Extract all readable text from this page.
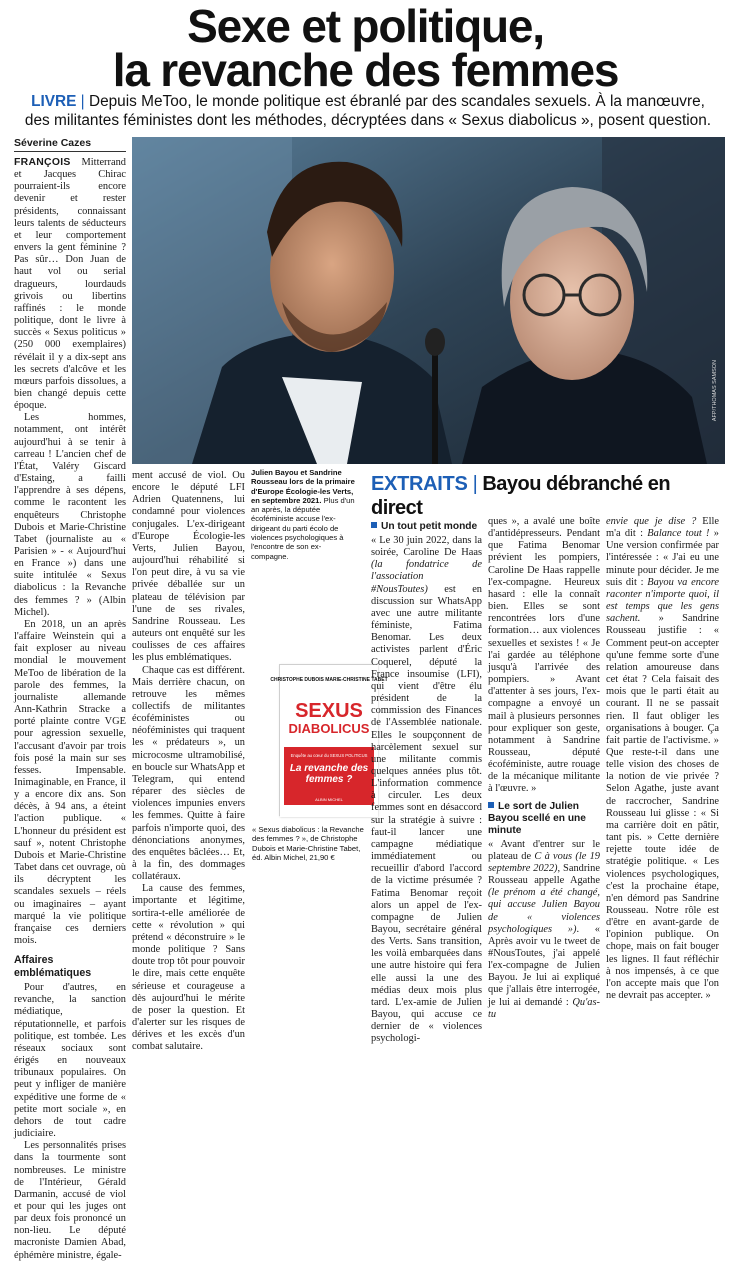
Sexe et politique,
la revanche des femmes
LIVRE | Depuis MeToo, le monde politique est ébranlé par des scandales sexuels. À la manœuvre, des militantes féministes dont les méthodes, décryptées dans « Sexus diabolicus », posent question.
Séverine Cazes

FRANÇOIS Mitterrand et Jacques Chirac pourraient-ils encore devenir et rester présidents, connaissant leurs talents de séducteurs et leur comportement envers la gent féminine ? Pas sûr… Don Juan de haut vol ou serial dragueurs, lourdauds grivois ou libertins raffinés : le monde politique, dont le livre à succès « Sexus politicus » (250 000 exemplaires) révélait il y a dix-sept ans les secrets d'alcôve et les mœurs parfois dissolues, a bien changé depuis cette époque.

Les hommes, notamment, ont intérêt aujourd'hui à se tenir à carreau ! L'ancien chef de l'État, Valéry Giscard d'Estaing, a failli l'apprendre à ses dépens, comme le racontent les enquêteurs Christophe Dubois et Marie-Christine Tabet (journaliste au « Parisien » - « Aujourd'hui en France ») dans une suite intitulée « Sexus diabolicus : la Revanche des femmes ? » (Albin Michel).

En 2018, un an après l'affaire Weinstein qui a fait exploser au niveau mondial le mouvement MeToo de libération de la parole des femmes, la journaliste allemande Ann-Kathrin Stracke a porté plainte contre VGE pour agression sexuelle, l'accusant d'avoir par trois fois posé la main sur ses fesses. Impensable. Inimaginable, en France, il y a encore dix ans. Son décès, à 94 ans, a éteint l'action publique. « L'honneur du président est sauf », notent Christophe Dubois et Marie-Christine Tabet dans cet ouvrage, où ils décryptent les scandales sexuels – réels ou imaginaires – ayant marqué la vie politique française ces derniers mois.

Affaires emblématiques

Pour d'autres, en revanche, la sanction médiatique, réputationnelle, et parfois politique, est tombée. Les réseaux sociaux sont érigés en nouveaux tribunaux populaires. On peut y infliger de manière expéditive une forme de « petite mort sociale », en dehors de tout cadre judiciaire.

Les personnalités prises dans la tourmente sont nombreuses. Le ministre de l'Intérieur, Gérald Darmanin, accusé de viol et pour qui les juges ont par deux fois prononcé un non-lieu. Le député macroniste Damien Abad, éphémère ministre, égale-

AFP/THOMAS SAMSON

ment accusé de viol. Ou encore le député LFI Adrien Quatennens, lui condamné pour violences conjugales. L'ex-dirigeant d'Europe Écologie-les Verts, Julien Bayou, aujourd'hui réhabilité si l'on peut dire, à vu sa vie privée déballée sur un plateau de télévision par l'une de ses rivales, Sandrine Rousseau. Les auteurs ont enquêté sur les coulisses de ces affaires les plus emblématiques.

Chaque cas est différent. Mais derrière chacun, on retrouve les mêmes collectifs de militantes écoféministes ou néoféministes qui traquent les « prédateurs », un microcosme ultramobilisé, en boucle sur WhatsApp et Telegram, qui entend réparer des siècles de violences impunies envers les femmes. Quitte à faire parfois n'importe quoi, des dénonciations anonymes, des enquêtes bâclées… Et, à la fin, des dommages collatéraux.

La cause des femmes, importante et légitime, sortira-t-elle améliorée de cette « révolution » qui prétend « déconstruire » le monde politique ? Sans doute trop tôt pour pouvoir le dire, mais cette enquête sérieuse et courageuse a dès aujourd'hui le mérite de poser la question. Et d'alerter sur les risques de dérives et les excès d'un combat salutaire.

Julien Bayou et Sandrine Rousseau lors de la primaire d'Europe Écologie-les Verts, en septembre 2021. Plus d'un an après, la députée écoféministe accuse l'ex-dirigeant du parti écolo de violences psychologiques à l'encontre de son ex-compagne.
CHRISTOPHE DUBOIS MARIE-CHRISTINE TABET
SEXUS
DIABOLICUS
Enquête au cœur du SEXUS POLITICUS
La revanche des femmes ?
ALBIN MICHEL
« Sexus diabolicus : la Revanche des femmes ? », de Christophe Dubois et Marie-Christine Tabet, éd. Albin Michel, 21,90 €
EXTRAITS | Bayou débranché en direct
Un tout petit monde

« Le 30 juin 2022, dans la soirée, Caroline De Haas (la fondatrice de l'association #NousToutes) est en discussion sur WhatsApp avec une autre militante féministe, Fatima Benomar. Les deux activistes parlent d'Éric Coquerel, député la France insoumise (LFI), qui vient d'être élu président de la commission des Finances de l'Assemblée nationale. Elles le soupçonnent de harcèlement sexuel sur une militante commis quelques années plus tôt. L'information commence à circuler. Les deux femmes sont en désaccord sur la stratégie à suivre : faut-il lancer une campagne médiatique immédiatement ou recueillir d'abord l'accord de la victime présumée ? Fatima Benomar reçoit alors un appel de l'ex-compagne de Julien Bayou, secrétaire général des Verts. Sans transition, les voilà embarquées dans une autre histoire qui fera elle aussi la une des médias deux mois plus tard. L'ex-amie de Julien Bayou, qui accuse ce dernier de « violences psychologi-

ques », a avalé une boîte d'antidépresseurs. Pendant que Fatima Benomar prévient les pompiers, Caroline De Haas rappelle l'ex-compagne. Heureux hasard : elle la connaît bien. Elles se sont rencontrées lors d'une formation… aux violences sexuelles et sexistes ! « Je l'ai gardée au téléphone jusqu'à l'arrivée des pompiers. » Avant d'attenter à ses jours, l'ex-compagne a envoyé un mail à plusieurs personnes pour expliquer son geste, notamment à Sandrine Rousseau, député écoféministe, autre rouage de la mécanique militante à l'œuvre. »

Le sort de Julien Bayou scellé en une minute

« Avant d'entrer sur le plateau de C à vous (le 19 septembre 2022), Sandrine Rousseau appelle Agathe (le prénom a été changé, qui accuse Julien Bayou de « violences psychologiques »). « Après avoir vu le tweet de #NousToutes, j'ai appelé l'ex-compagne de Julien Bayou. Je lui ai expliqué que j'allais être interrogée, je lui ai demandé : Qu'as-tu

envie que je dise ? Elle m'a dit : Balance tout ! » Une version confirmée par l'intéressée : « J'ai eu une minute pour décider. Je me suis dit : Bayou va encore raconter n'importe quoi, il est temps que les gens sachent. » Sandrine Rousseau justifie : « Comment peut-on accepter qu'une femme sorte d'une relation amoureuse dans cet état ? Cela faisait des mois que le parti était au courant. Il ne se passait rien. Il faut obliger les organisations à bouger. Ça fait partie de l'activisme. » Que reste-t-il dans une telle vision des choses de la notion de vie privée ? Selon Agathe, juste avant de raccrocher, Sandrine Rousseau lui glisse : « Si ma carrière doit en pâtir, tant pis. » Cette dernière rejette toute idée de stratégie politique. « Les violences psychologiques, c'est la prochaine étape, n'en démord pas Sandrine Rousseau. Notre rôle est d'être en avant-garde de l'opinion publique. On chope, mais on fait bouger les lignes. Il faut réfléchir à nos impensés, à ce que l'on accepte mais que l'on ne devrait pas accepter. »
